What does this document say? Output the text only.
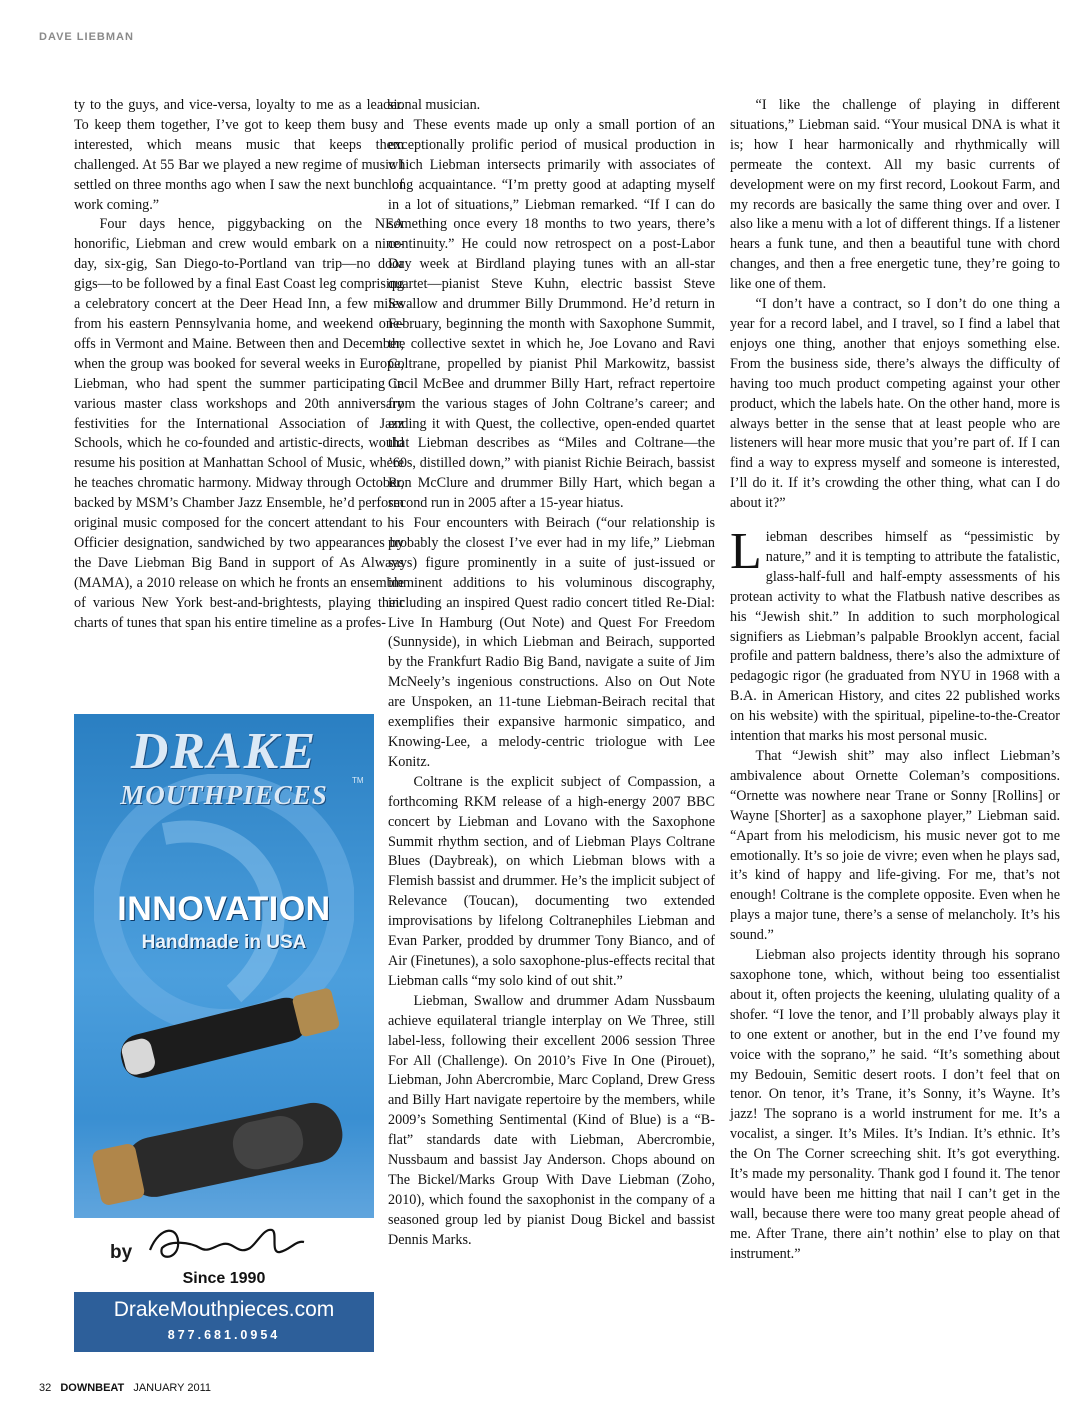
DAVE LIEBMAN

ty to the guys, and vice-versa, loyalty to me as a leader. To keep them together, I’ve got to keep them busy and interested, which means music that keeps them challenged. At 55 Bar we played a new regime of music I settled on three months ago when I saw the next bunch of work coming.”

Four days hence, piggybacking on the NEA honorific, Liebman and crew would embark on a nine-day, six-gig, San Diego-to-Portland van trip—no door gigs—to be followed by a final East Coast leg comprising a celebratory concert at the Deer Head Inn, a few miles from his eastern Pennsylvania home, and weekend one-offs in Vermont and Maine. Between then and December, when the group was booked for several weeks in Europe, Liebman, who had spent the summer participating in various master class workshops and 20th anniversary festivities for the International Association of Jazz Schools, which he co-founded and artistic-directs, would resume his position at Manhattan School of Music, where he teaches chromatic harmony. Midway through October, backed by MSM’s Chamber Jazz Ensemble, he’d perform original music composed for the concert attendant to his Officier designation, sandwiched by two appearances by the Dave Liebman Big Band in support of As Always (MAMA), a 2010 release on which he fronts an ensemble of various New York best-and-brightests, playing their charts of tunes that span his entire timeline as a profes-

sional musician.

These events made up only a small portion of an exceptionally prolific period of musical production in which Liebman intersects primarily with associates of long acquaintance. “I’m pretty good at adapting myself in a lot of situations,” Liebman remarked. “If I can do something once every 18 months to two years, there’s continuity.” He could now retrospect on a post-Labor Day week at Birdland playing tunes with an all-star quartet—pianist Steve Kuhn, electric bassist Steve Swallow and drummer Billy Drummond. He’d return in February, beginning the month with Saxophone Summit, the collective sextet in which he, Joe Lovano and Ravi Coltrane, propelled by pianist Phil Markowitz, bassist Cecil McBee and drummer Billy Hart, refract repertoire from the various stages of John Coltrane’s career; and ending it with Quest, the collective, open-ended quartet that Liebman describes as “Miles and Coltrane—the ’60s, distilled down,” with pianist Richie Beirach, bassist Ron McClure and drummer Billy Hart, which began a second run in 2005 after a 15-year hiatus.

Four encounters with Beirach (“our relationship is probably the closest I’ve ever had in my life,” Liebman says) figure prominently in a suite of just-issued or imminent additions to his voluminous discography, including an inspired Quest radio concert titled Re-Dial: Live In Hamburg (Out Note) and Quest For Freedom (Sunnyside), in which Liebman and Beirach, supported by the Frankfurt Radio Big Band, navigate a suite of Jim McNeely’s ingenious constructions. Also on Out Note are Unspoken, an 11-tune Liebman-Beirach recital that exemplifies their expansive harmonic simpatico, and Knowing-Lee, a melody-centric triologue with Lee Konitz.

Coltrane is the explicit subject of Compassion, a forthcoming RKM release of a high-energy 2007 BBC concert by Liebman and Lovano with the Saxophone Summit rhythm section, and of Liebman Plays Coltrane Blues (Daybreak), on which Liebman blows with a Flemish bassist and drummer. He’s the implicit subject of Relevance (Toucan), documenting two extended improvisations by lifelong Coltranephiles Liebman and Evan Parker, prodded by drummer Tony Bianco, and of Air (Finetunes), a solo saxophone-plus-effects recital that Liebman calls “my solo kind of out shit.”

Liebman, Swallow and drummer Adam Nussbaum achieve equilateral triangle interplay on We Three, still label-less, following their excellent 2006 session Three For All (Challenge). On 2010’s Five In One (Pirouet), Liebman, John Abercrombie, Marc Copland, Drew Gress and Billy Hart navigate repertoire by the members, while 2009’s Something Sentimental (Kind of Blue) is a “B-flat” standards date with Liebman, Abercrombie, Nussbaum and bassist Jay Anderson. Chops abound on The Bickel/Marks Group With Dave Liebman (Zoho, 2010), which found the saxophonist in the company of a seasoned group led by pianist Doug Bickel and bassist Dennis Marks.

“I like the challenge of playing in different situations,” Liebman said. “Your musical DNA is what it is; how I hear harmonically and rhythmically will permeate the context. All my basic currents of development were on my first record, Lookout Farm, and my records are basically the same thing over and over. I also like a menu with a lot of different things. If a listener hears a funk tune, and then a beautiful tune with chord changes, and then a free energetic tune, they’re going to like one of them.

“I don’t have a contract, so I don’t do one thing a year for a record label, and I travel, so I find a label that enjoys one thing, another that enjoys something else. From the business side, there’s always the difficulty of having too much product competing against your other product, which the labels hate. On the other hand, more is always better in the sense that at least people who are listeners will hear more music that you’re part of. If I can find a way to express myself and someone is interested, I’ll do it. If it’s crowding the other thing, what can I do about it?”

Liebman describes himself as “pessimistic by nature,” and it is tempting to attribute the fatalistic, glass-half-full and half-empty assessments of his protean activity to what the Flatbush native describes as his “Jewish shit.” In addition to such morphological signifiers as Liebman’s palpable Brooklyn accent, facial profile and pattern baldness, there’s also the admixture of pedagogic rigor (he graduated from NYU in 1968 with a B.A. in American History, and cites 22 published works on his website) with the spiritual, pipeline-to-the-Creator intention that marks his most personal music.

That “Jewish shit” may also inflect Liebman’s ambivalence about Ornette Coleman’s compositions. “Ornette was nowhere near Trane or Sonny [Rollins] or Wayne [Shorter] as a saxophone player,” Liebman said. “Apart from his melodicism, his music never got to me emotionally. It’s so joie de vivre; even when he plays sad, it’s kind of happy and life-giving. For me, that’s not enough! Coltrane is the complete opposite. Even when he plays a major tune, there’s a sense of melancholy. It’s his sound.”

Liebman also projects identity through his soprano saxophone tone, which, without being too essentialist about it, often projects the keening, ululating quality of a shofer. “I love the tenor, and I’ll probably always play it to one extent or another, but in the end I’ve found my voice with the soprano,” he said. “It’s something about my Bedouin, Semitic desert roots. I don’t feel that on tenor. On tenor, it’s Trane, it’s Sonny, it’s Wayne. It’s jazz! The soprano is a world instrument for me. It’s a vocalist, a singer. It’s Miles. It’s Indian. It’s ethnic. It’s the On The Corner screeching shit. It’s got everything. It’s made my personality. Thank god I found it. The tenor would have been me hitting that nail I can’t get in the wall, because there were too many great people ahead of me. After Trane, there ain’t nothin’ else to play on that instrument.”

DRAKE
MOUTHPIECES	TM
INNOVATION
Handmade in USA
by
Since 1990
DrakeMouthpieces.com
877.681.0954
32 DOWNBEAT JANUARY 2011
